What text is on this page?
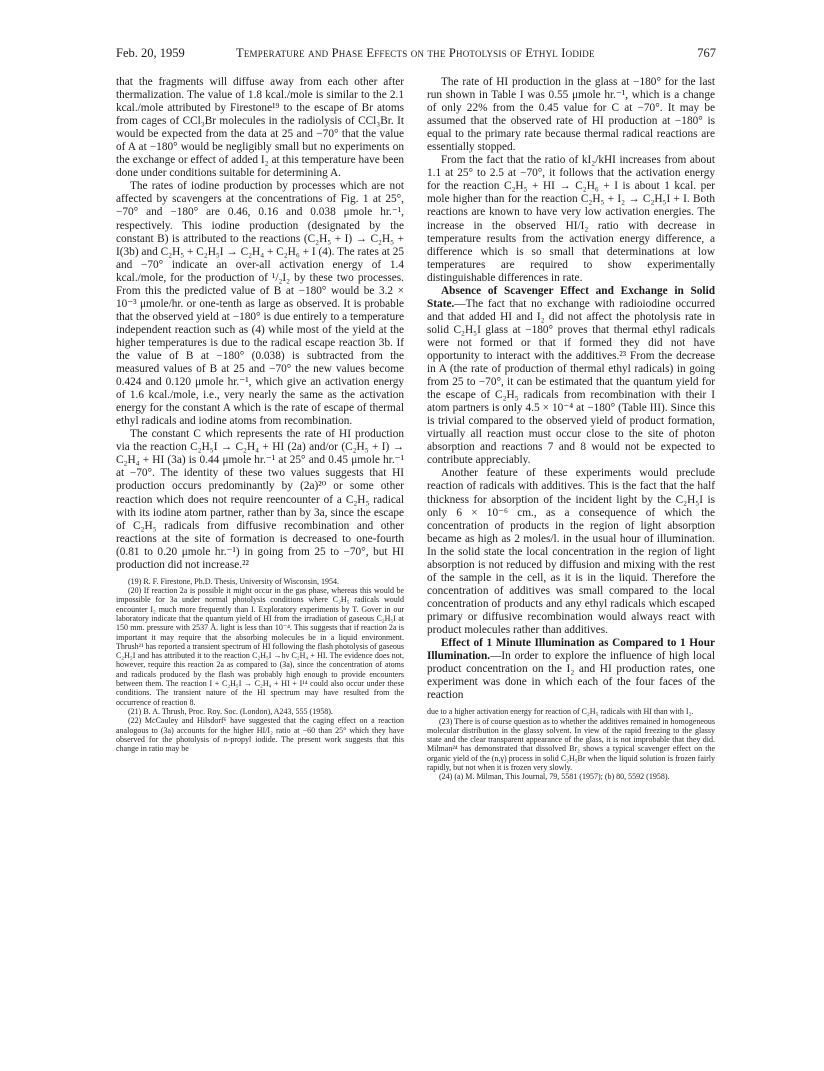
Feb. 20, 1959	Temperature and Phase Effects on the Photolysis of Ethyl Iodide	767

that the fragments will diffuse away from each other after thermalization. The value of 1.8 kcal./mole is similar to the 2.1 kcal./mole attributed by Firestone¹⁹ to the escape of Br atoms from cages of CCl₃Br molecules in the radiolysis of CCl₃Br. It would be expected from the data at 25 and −70° that the value of A at −180° would be negligibly small but no experiments on the exchange or effect of added I₂ at this temperature have been done under conditions suitable for determining A.

The rates of iodine production by processes which are not affected by scavengers at the concentrations of Fig. 1 at 25°, −70° and −180° are 0.46, 0.16 and 0.038 μmole hr.⁻¹, respectively. This iodine production (designated by the constant B) is attributed to the reactions (C₂H₅ + I) → C₂H₅ + I(3b) and C₂H₅ + C₂H₅I → C₂H₄ + C₂H₆ + I (4). The rates at 25 and −70° indicate an over-all activation energy of 1.4 kcal./mole, for the production of ¹/₂I₂ by these two processes. From this the predicted value of B at −180° would be 3.2 × 10⁻³ μmole/hr. or one-tenth as large as observed. It is probable that the observed yield at −180° is due entirely to a temperature independent reaction such as (4) while most of the yield at the higher temperatures is due to the radical escape reaction 3b. If the value of B at −180° (0.038) is subtracted from the measured values of B at 25 and −70° the new values become 0.424 and 0.120 μmole hr.⁻¹, which give an activation energy of 1.6 kcal./mole, i.e., very nearly the same as the activation energy for the constant A which is the rate of escape of thermal ethyl radicals and iodine atoms from recombination.

The constant C which represents the rate of HI production via the reaction C₂H₅I → C₂H₄ + HI (2a) and/or (C₂H₅ + I) → C₂H₄ + HI (3a) is 0.44 μmole hr.⁻¹ at 25° and 0.45 μmole hr.⁻¹ at −70°. The identity of these two values suggests that HI production occurs predominantly by (2a)²⁰ or some other reaction which does not require reencounter of a C₂H₅ radical with its iodine atom partner, rather than by 3a, since the escape of C₂H₅ radicals from diffusive recombination and other reactions at the site of formation is decreased to one-fourth (0.81 to 0.20 μmole hr.⁻¹) in going from 25 to −70°, but HI production did not increase.²²

(19) R. F. Firestone, Ph.D. Thesis, University of Wisconsin, 1954.

(20) If reaction 2a is possible it might occur in the gas phase, whereas this would be impossible for 3a under normal photolysis conditions where C₂H₅ radicals would encounter I₂ much more frequently than I. Exploratory experiments by T. Gover in our laboratory indicate that the quantum yield of HI from the irradiation of gaseous C₂H₅I at 150 mm. pressure with 2537 Å. light is less than 10⁻⁴. This suggests that if reaction 2a is important it may require that the absorbing molecules be in a liquid environment. Thrush²¹ has reported a transient spectrum of HI following the flash photolysis of gaseous C₂H₅I and has attributed it to the reaction C₂H₅I →hν C₂H₄ + HI. The evidence does not, however, require this reaction 2a as compared to (3a), since the concentration of atoms and radicals produced by the flash was probably high enough to provide encounters between them. The reaction I + C₂H₅I → C₂H₄ + HI + I¹⁴ could also occur under these conditions. The transient nature of the HI spectrum may have resulted from the occurrence of reaction 8.

(21) B. A. Thrush, Proc. Roy. Soc. (London), A243, 555 (1958).

(22) McCauley and Hilsdorf⁶ have suggested that the caging effect on a reaction analogous to (3a) accounts for the higher HI/I₂ ratio at −60 than 25° which they have observed for the photolysis of n-propyl iodide. The present work suggests that this change in ratio may be

The rate of HI production in the glass at −180° for the last run shown in Table I was 0.55 μmole hr.⁻¹, which is a change of only 22% from the 0.45 value for C at −70°. It may be assumed that the observed rate of HI production at −180° is equal to the primary rate because thermal radical reactions are essentially stopped.

From the fact that the ratio of kI₂/kHI increases from about 1.1 at 25° to 2.5 at −70°, it follows that the activation energy for the reaction C₂H₅ + HI → C₂H₆ + I is about 1 kcal. per mole higher than for the reaction C₂H₅ + I₂ → C₂H₅I + I. Both reactions are known to have very low activation energies. The increase in the observed HI/I₂ ratio with decrease in temperature results from the activation energy difference, a difference which is so small that determinations at low temperatures are required to show experimentally distinguishable differences in rate.

Absence of Scavenger Effect and Exchange in Solid State.—The fact that no exchange with radioiodine occurred and that added HI and I₂ did not affect the photolysis rate in solid C₂H₅I glass at −180° proves that thermal ethyl radicals were not formed or that if formed they did not have opportunity to interact with the additives.²³ From the decrease in A (the rate of production of thermal ethyl radicals) in going from 25 to −70°, it can be estimated that the quantum yield for the escape of C₂H₅ radicals from recombination with their I atom partners is only 4.5 × 10⁻⁴ at −180° (Table III). Since this is trivial compared to the observed yield of product formation, virtually all reaction must occur close to the site of photon absorption and reactions 7 and 8 would not be expected to contribute appreciably.

Another feature of these experiments would preclude reaction of radicals with additives. This is the fact that the half thickness for absorption of the incident light by the C₂H₅I is only 6 × 10⁻⁶ cm., as a consequence of which the concentration of products in the region of light absorption became as high as 2 moles/l. in the usual hour of illumination. In the solid state the local concentration in the region of light absorption is not reduced by diffusion and mixing with the rest of the sample in the cell, as it is in the liquid. Therefore the concentration of additives was small compared to the local concentration of products and any ethyl radicals which escaped primary or diffusive recombination would always react with product molecules rather than additives.

Effect of 1 Minute Illumination as Compared to 1 Hour Illumination.—In order to explore the influence of high local product concentration on the I₂ and HI production rates, one experiment was done in which each of the four faces of the reaction

due to a higher activation energy for reaction of C₂H₅ radicals with HI than with I₂.

(23) There is of course question as to whether the additives remained in homogeneous molecular distribution in the glassy solvent. In view of the rapid freezing to the glassy state and the clear transparent appearance of the glass, it is not improbable that they did. Milman²⁴ has demonstrated that dissolved Br₂ shows a typical scavenger effect on the organic yield of the (n,γ) process in solid C₂H₅Br when the liquid solution is frozen fairly rapidly, but not when it is frozen very slowly.

(24) (a) M. Milman, This Journal, 79, 5581 (1957); (b) 80, 5592 (1958).
